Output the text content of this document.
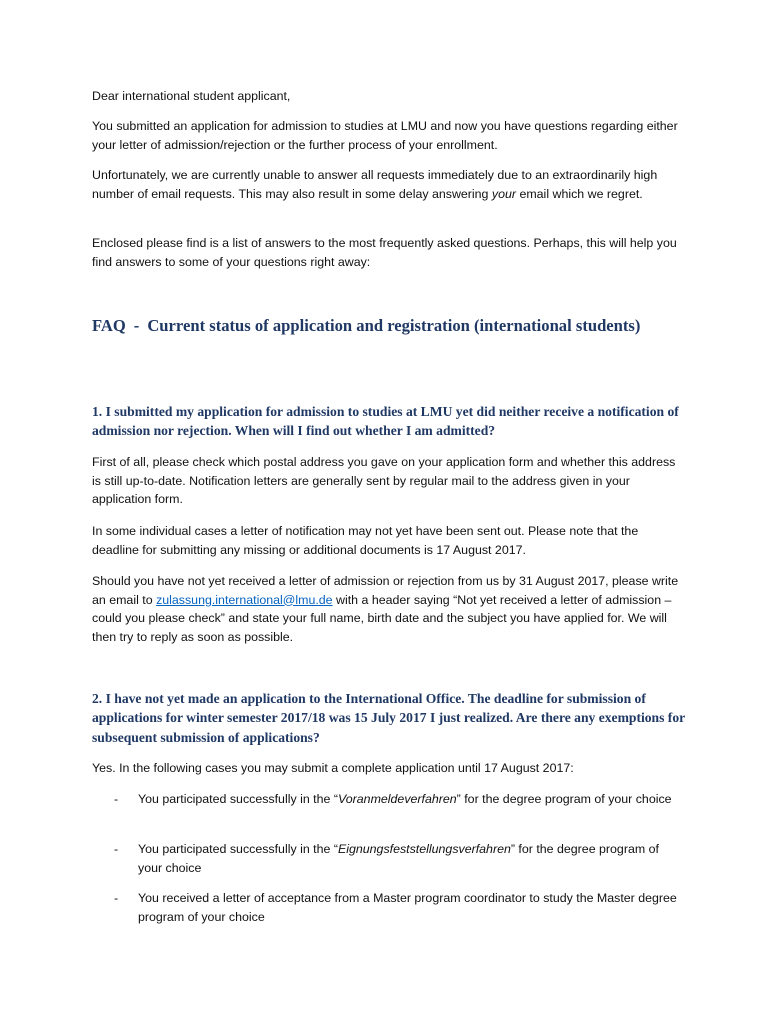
Dear international student applicant,

You submitted an application for admission to studies at LMU and now you have questions regarding either your letter of admission/rejection or the further process of your enrollment.

Unfortunately, we are currently unable to answer all requests immediately due to an extraordinarily high number of email requests. This may also result in some delay answering your email which we regret.

Enclosed please find is a list of answers to the most frequently asked questions. Perhaps, this will help you find answers to some of your questions right away:

FAQ - Current status of application and registration (international students)
1. I submitted my application for admission to studies at LMU yet did neither receive a notification of admission nor rejection. When will I find out whether I am admitted?

First of all, please check which postal address you gave on your application form and whether this address is still up-to-date. Notification letters are generally sent by regular mail to the address given in your application form.

In some individual cases a letter of notification may not yet have been sent out. Please note that the deadline for submitting any missing or additional documents is 17 August 2017.

Should you have not yet received a letter of admission or rejection from us by 31 August 2017, please write an email to zulassung.international@lmu.de with a header saying “Not yet received a letter of admission – could you please check” and state your full name, birth date and the subject you have applied for. We will then try to reply as soon as possible.

2. I have not yet made an application to the International Office. The deadline for submission of applications for winter semester 2017/18 was 15 July 2017 I just realized. Are there any exemptions for subsequent submission of applications?

Yes. In the following cases you may submit a complete application until 17 August 2017:

- You participated successfully in the “Voranmeldeverfahren” for the degree program of your choice
- You participated successfully in the “Eignungsfeststellungsverfahren” for the degree program of your choice
- You received a letter of acceptance from a Master program coordinator to study the Master degree program of your choice
